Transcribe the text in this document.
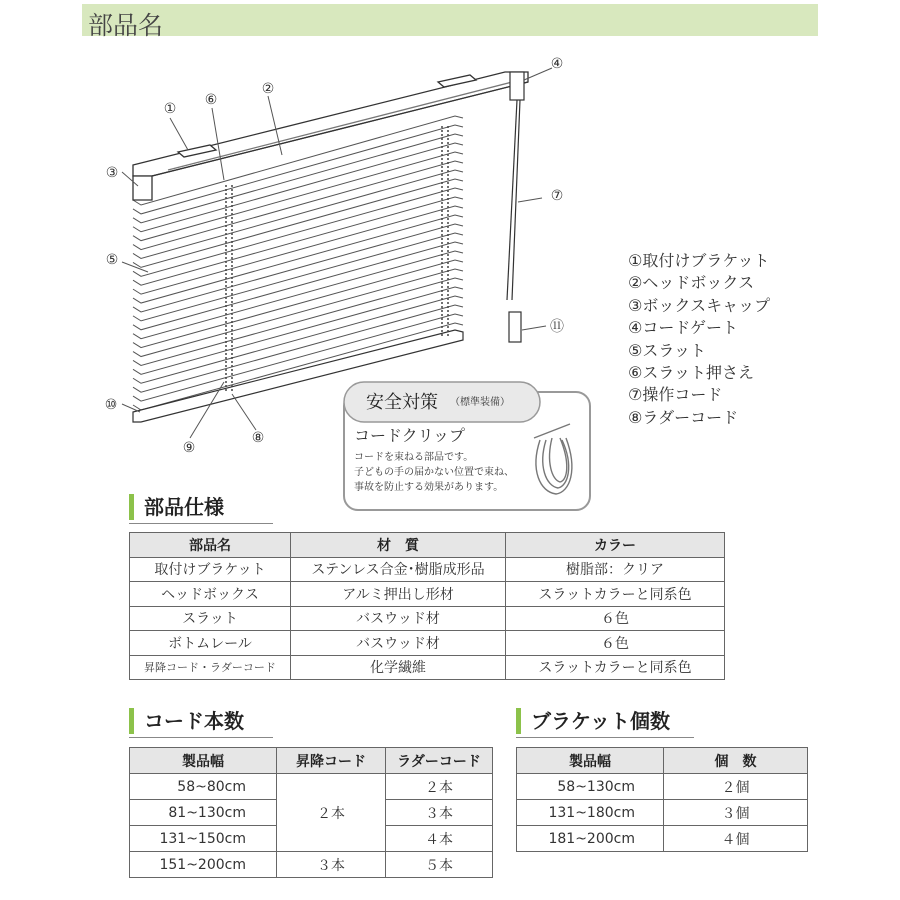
部品名
①
②
③
④
⑤
⑥
⑦
⑧
⑨
⑩
⑪
安全対策 （標準装備）
コードクリップ
コードを束ねる部品です。
子どもの手の届かない位置で束ね、
事故を防止する効果があります。
①取付けブラケット
②ヘッドボックス
③ボックスキャップ
④コードゲート
⑤スラット
⑥スラット押さえ
⑦操作コード
⑧ラダーコード
部品仕様
部品名	材　質	カラー
取付けブラケット	ステンレス合金･樹脂成形品	樹脂部：クリア
ヘッドボックス	アルミ押出し形材	スラットカラーと同系色
スラット	バスウッド材	６色
ボトムレール	バスウッド材	６色
昇降コード・ラダーコード	化学繊維	スラットカラーと同系色
コード本数
製品幅	昇降コード	ラダーコード
58~80cm	２本	２本
81~130cm		３本
131~150cm		４本
151~200cm	３本	５本
ブラケット個数
製品幅	個　数
58~130cm	２個
131~180cm	３個
181~200cm	４個
